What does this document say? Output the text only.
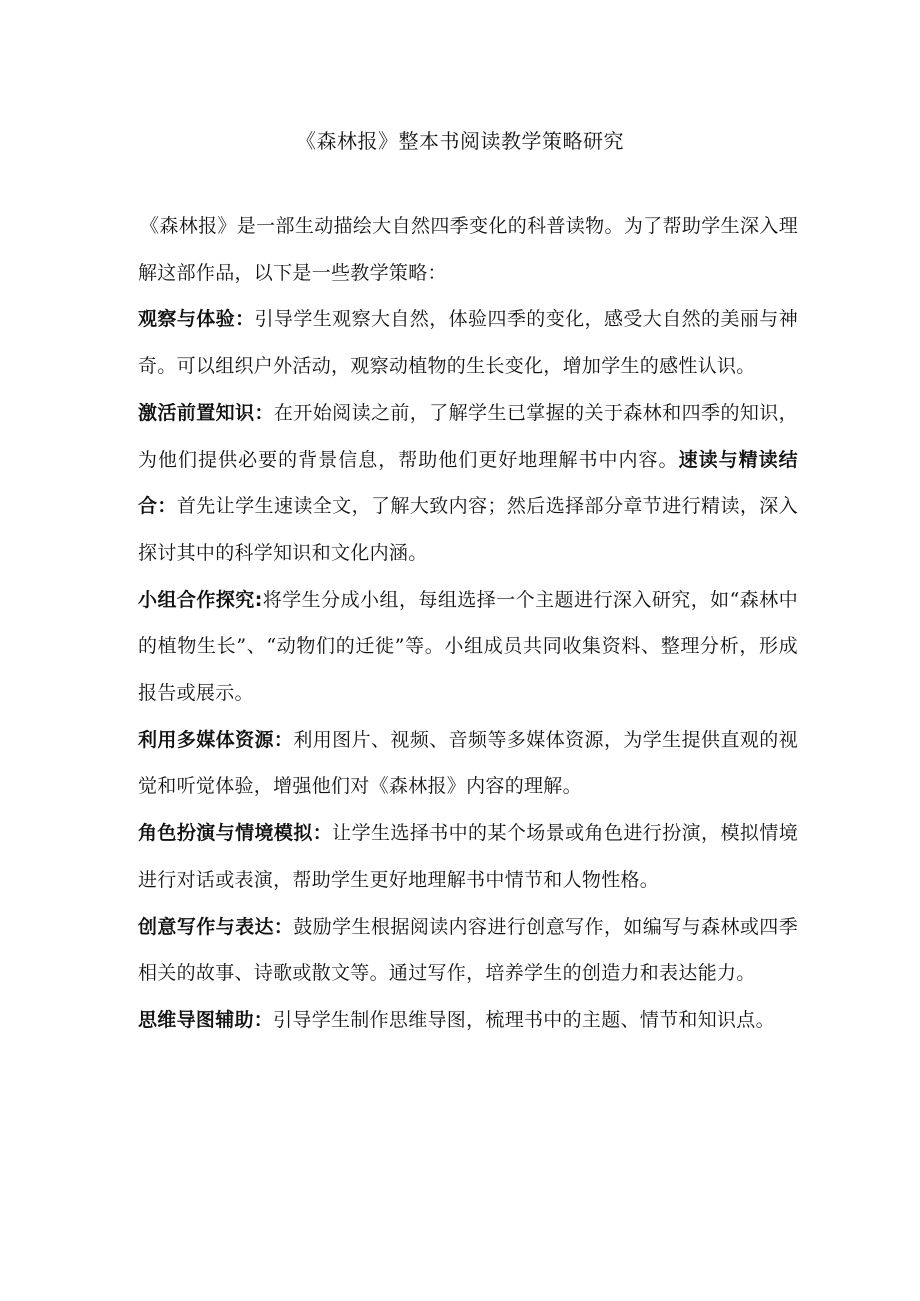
《森林报》整本书阅读教学策略研究

《森林报》是一部生动描绘大自然四季变化的科普读物。为了帮助学生深入理解这部作品，以下是一些教学策略：

观察与体验：引导学生观察大自然，体验四季的变化，感受大自然的美丽与神奇。可以组织户外活动，观察动植物的生长变化，增加学生的感性认识。

激活前置知识：在开始阅读之前，了解学生已掌握的关于森林和四季的知识，为他们提供必要的背景信息，帮助他们更好地理解书中内容。速读与精读结合：首先让学生速读全文，了解大致内容；然后选择部分章节进行精读，深入探讨其中的科学知识和文化内涵。

小组合作探究:将学生分成小组，每组选择一个主题进行深入研究，如“森林中的植物生长”、“动物们的迁徙”等。小组成员共同收集资料、整理分析，形成报告或展示。

利用多媒体资源：利用图片、视频、音频等多媒体资源，为学生提供直观的视觉和听觉体验，增强他们对《森林报》内容的理解。

角色扮演与情境模拟：让学生选择书中的某个场景或角色进行扮演，模拟情境进行对话或表演，帮助学生更好地理解书中情节和人物性格。

创意写作与表达：鼓励学生根据阅读内容进行创意写作，如编写与森林或四季相关的故事、诗歌或散文等。通过写作，培养学生的创造力和表达能力。

思维导图辅助：引导学生制作思维导图，梳理书中的主题、情节和知识点。
